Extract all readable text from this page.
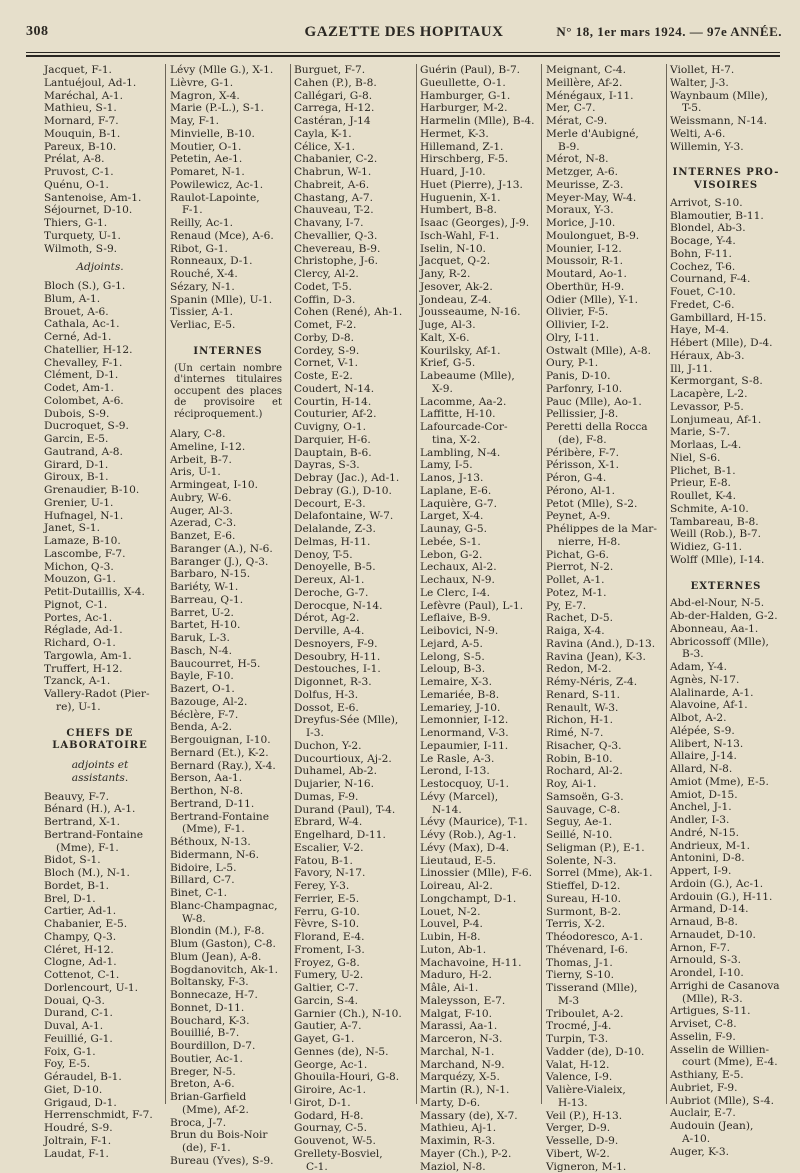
308	GAZETTE DES HOPITAUX	N° 18, 1er mars 1924. — 97e ANNÉE.
Jacquet, F-1.
Lantuéjoul, Ad-1.
Maréchal, A-1.
Mathieu, S-1.
Mornard, F-7.
Mouquin, B-1.
Pareux, B-10.
Prélat, A-8.
Pruvost, C-1.
Quénu, O-1.
Santenoise, Am-1.
Séjournet, D-10.
Thiers, G-1.
Turquety, U-1.
Wilmoth, S-9.
Adjoints.
Bloch (S.), G-1.
Blum, A-1.
Brouet, A-6.
Cathala, Ac-1.
Cerné, Ad-1.
Chatellier, H-12.
Chevalley, F-1.
Clément, D-1.
Codet, Am-1.
Colombet, A-6.
Dubois, S-9.
Ducroquet, S-9.
Garcin, E-5.
Gautrand, A-8.
Girard, D-1.
Giroux, B-1.
Grenaudier, B-10.
Grenier, U-1.
Hufnagel, N-1.
Janet, S-1.
Lamaze, B-10.
Lascombe, F-7.
Michon, Q-3.
Mouzon, G-1.
Petit-Dutaillis, X-4.
Pignot, C-1.
Portes, Ac-1.
Réglade, Ad-1.
Richard, O-1.
Targowla, Am-1.
Truffert, H-12.
Tzanck, A-1.
Vallery-Radot (Pier-
re), U-1.
CHEFS DE LABORATOIRE
adjoints et assistants.
Beauvy, F-7.
Bénard (H.), A-1.
Bertrand, X-1.
Bertrand-Fontaine
(Mme), F-1.
Bidot, S-1.
Bloch (M.), N-1.
Bordet, B-1.
Brel, D-1.
Cartier, Ad-1.
Chabanier, E-5.
Champy, Q-3.
Cléret, H-12.
Clogne, Ad-1.
Cottenot, C-1.
Dorlencourt, U-1.
Douai, Q-3.
Durand, C-1.
Duval, A-1.
Feuillié, G-1.
Foix, G-1.
Foy, E-5.
Géraudel, B-1.
Giet, D-10.
Grigaud, D-1.
Herrenschmidt, F-7.
Houdré, S-9.
Joltrain, F-1.
Laudat, F-1.
Lévy (Mlle G.), X-1.
Lièvre, G-1.
Magron, X-4.
Marie (P.-L.), S-1.
May, F-1.
Minvielle, B-10.
Moutier, O-1.
Petetin, Ae-1.
Pomaret, N-1.
Powilewicz, Ac-1.
Raulot-Lapointe,
F-1.
Reilly, Ac-1.
Renaud (Mce), A-6.
Ribot, G-1.
Ronneaux, D-1.
Rouché, X-4.
Sézary, N-1.
Spanin (Mlle), U-1.
Tissier, A-1.
Verliac, E-5.
INTERNES
(Un certain nombre d'internes titulaires occupent des places de provisoire et réciproquement.)
Alary, C-8.
Ameline, I-12.
Arbeit, B-7.
Aris, U-1.
Armingeat, I-10.
Aubry, W-6.
Auger, Al-3.
Azerad, C-3.
Banzet, E-6.
Baranger (A.), N-6.
Baranger (J.), Q-3.
Barbaro, N-15.
Bariéty, W-1.
Barreau, Q-1.
Barret, U-2.
Bartet, H-10.
Baruk, L-3.
Basch, N-4.
Baucourret, H-5.
Bayle, F-10.
Bazert, O-1.
Bazouge, Al-2.
Béclère, F-7.
Benda, A-2.
Bergouignan, I-10.
Bernard (Et.), K-2.
Bernard (Ray.), X-4.
Berson, Aa-1.
Berthon, N-8.
Bertrand, D-11.
Bertrand-Fontaine
(Mme), F-1.
Béthoux, N-13.
Bidermann, N-6.
Bidoire, L-5.
Billard, C-7.
Binet, C-1.
Blanc-Champagnac,
W-8.
Blondin (M.), F-8.
Blum (Gaston), C-8.
Blum (Jean), A-8.
Bogdanovitch, Ak-1.
Boltansky, F-3.
Bonnecaze, H-7.
Bonnet, D-11.
Bouchard, K-3.
Bouillié, B-7.
Bourdillon, D-7.
Boutier, Ac-1.
Breger, N-5.
Breton, A-6.
Brian-Garfield
(Mme), Af-2.
Broca, J-7.
Brun du Bois-Noir
(de), F-1.
Bureau (Yves), S-9.
Burguet, F-7.
Cahen (P.), B-8.
Callégari, G-8.
Carrega, H-12.
Castéran, J-14
Cayla, K-1.
Célice, X-1.
Chabanier, C-2.
Chabrun, W-1.
Chabreit, A-6.
Chastang, A-7.
Chauveau, T-2.
Chavany, I-7.
Chevallier, Q-3.
Chevereau, B-9.
Christophe, J-6.
Clercy, Al-2.
Codet, T-5.
Coffin, D-3.
Cohen (René), Ah-1.
Comet, F-2.
Corby, D-8.
Cordey, S-9.
Cornet, V-1.
Coste, E-2.
Coudert, N-14.
Courtin, H-14.
Couturier, Af-2.
Cuvigny, O-1.
Darquier, H-6.
Dauptain, B-6.
Dayras, S-3.
Debray (Jac.), Ad-1.
Debray (G.), D-10.
Decourt, E-3.
Delafontaine, W-7.
Delalande, Z-3.
Delmas, H-11.
Denoy, T-5.
Denoyelle, B-5.
Dereux, Al-1.
Deroche, G-7.
Derocque, N-14.
Dérot, Ag-2.
Derville, A-4.
Desnoyers, F-9.
Desoubry, H-11.
Destouches, I-1.
Digonnet, R-3.
Dolfus, H-3.
Dossot, E-6.
Dreyfus-Sée (Mlle),
I-3.
Duchon, Y-2.
Ducourtioux, Aj-2.
Duhamel, Ab-2.
Dujarier, N-16.
Dumas, F-9.
Durand (Paul), T-4.
Ebrard, W-4.
Engelhard, D-11.
Escalier, V-2.
Fatou, B-1.
Favory, N-17.
Ferey, Y-3.
Ferrier, E-5.
Ferru, G-10.
Fèvre, S-10.
Florand, E-4.
Froment, I-3.
Froyez, G-8.
Fumery, U-2.
Galtier, C-7.
Garcin, S-4.
Garnier (Ch.), N-10.
Gautier, A-7.
Gayet, G-1.
Gennes (de), N-5.
George, Ac-1.
Ghouila-Houri, G-8.
Giroire, Ac-1.
Girot, D-1.
Godard, H-8.
Gournay, C-5.
Gouvenot, W-5.
Grellety-Bosviel,
C-1.
Guérin (Paul), B-7.
Gueullette, O-1.
Hamburger, G-1.
Harburger, M-2.
Harmelin (Mlle), B-4.
Hermet, K-3.
Hillemand, Z-1.
Hirschberg, F-5.
Huard, J-10.
Huet (Pierre), J-13.
Huguenin, X-1.
Humbert, B-8.
Isaac (Georges), J-9.
Isch-Wahl, F-1.
Iselin, N-10.
Jacquet, Q-2.
Jany, R-2.
Jesover, Ak-2.
Jondeau, Z-4.
Jousseaume, N-16.
Juge, Al-3.
Kalt, X-6.
Kourilsky, Af-1.
Krief, G-5.
Labeaume (Mlle),
X-9.
Lacomme, Aa-2.
Laffitte, H-10.
Lafourcade-Cor-
tina, X-2.
Lambling, N-4.
Lamy, I-5.
Lanos, J-13.
Laplane, E-6.
Laquière, G-7.
Larget, X-4.
Launay, G-5.
Lebée, S-1.
Lebon, G-2.
Lechaux, Al-2.
Lechaux, N-9.
Le Clerc, I-4.
Lefèvre (Paul), L-1.
Leflaive, B-9.
Leibovici, N-9.
Lejard, A-5.
Lelong, S-5.
Leloup, B-3.
Lemaire, X-3.
Lemariée, B-8.
Lemariey, J-10.
Lemonnier, I-12.
Lenormand, V-3.
Lepaumier, I-11.
Le Rasle, A-3.
Lerond, I-13.
Lestocquoy, U-1.
Lévy (Marcel),
N-14.
Lévy (Maurice), T-1.
Lévy (Rob.), Ag-1.
Lévy (Max), D-4.
Lieutaud, E-5.
Linossier (Mlle), F-6.
Loireau, Al-2.
Longchampt, D-1.
Louet, N-2.
Louvel, P-4.
Lubin, H-8.
Luton, Ab-1.
Machavoine, H-11.
Maduro, H-2.
Mâle, Ai-1.
Maleysson, E-7.
Malgat, F-10.
Marassi, Aa-1.
Marceron, N-3.
Marchal, N-1.
Marchand, N-9.
Marquézy, X-5.
Martin (R.), N-1.
Marty, D-6.
Massary (de), X-7.
Mathieu, Aj-1.
Maximin, R-3.
Mayer (Ch.), P-2.
Maziol, N-8.
Meignant, C-4.
Meillère, Af-2.
Ménégaux, I-11.
Mer, C-7.
Mérat, C-9.
Merle d'Aubigné,
B-9.
Mérot, N-8.
Metzger, A-6.
Meurisse, Z-3.
Meyer-May, W-4.
Moraux, Y-3.
Morice, J-10.
Moulonguet, B-9.
Mounier, I-12.
Moussoir, R-1.
Moutard, Ao-1.
Oberthür, H-9.
Odier (Mlle), Y-1.
Olivier, F-5.
Ollivier, I-2.
Olry, I-11.
Ostwalt (Mlle), A-8.
Oury, P-1.
Panis, D-10.
Parfonry, I-10.
Pauc (Mlle), Ao-1.
Pellissier, J-8.
Peretti della Rocca
(de), F-8.
Péribère, F-7.
Périsson, X-1.
Péron, G-4.
Pérono, Al-1.
Petot (Mlle), S-2.
Peynet, A-9.
Phélippes de la Mar-
nierre, H-8.
Pichat, G-6.
Pierrot, N-2.
Pollet, A-1.
Potez, M-1.
Py, E-7.
Rachet, D-5.
Raiga, X-4.
Ravina (And.), D-13.
Ravina (Jean), K-3.
Redon, M-2.
Rémy-Néris, Z-4.
Renard, S-11.
Renault, W-3.
Richon, H-1.
Rimé, N-7.
Risacher, Q-3.
Robin, B-10.
Rochard, Al-2.
Roy, Ai-1.
Samsoën, G-3.
Sauvage, C-8.
Seguy, Ae-1.
Seillé, N-10.
Seligman (P.), E-1.
Solente, N-3.
Sorrel (Mme), Ak-1.
Stieffel, D-12.
Sureau, H-10.
Surmont, B-2.
Terris, X-2.
Théodoresco, A-1.
Thévenard, I-6.
Thomas, J-1.
Tierny, S-10.
Tisserand (Mlle),
M-3
Triboulet, A-2.
Trocmé, J-4.
Turpin, T-3.
Vadder (de), D-10.
Valat, H-12.
Valence, I-9.
Valière-Vialeix,
H-13.
Veil (P.), H-13.
Verger, D-9.
Vesselle, D-9.
Vibert, W-2.
Vigneron, M-1.
Viollet, H-7.
Walter, J-3.
Waynbaum (Mlle),
T-5.
Weissmann, N-14.
Welti, A-6.
Willemin, Y-3.
INTERNES PRO-VISOIRES
Arrivot, S-10.
Blamoutier, B-11.
Blondel, Ab-3.
Bocage, Y-4.
Bohn, F-11.
Cochez, T-6.
Cournand, F-4.
Fouet, C-10.
Fredet, C-6.
Gambillard, H-15.
Haye, M-4.
Hébert (Mlle), D-4.
Héraux, Ab-3.
Ill, J-11.
Kermorgant, S-8.
Lacapère, L-2.
Levassor, P-5.
Lonjumeau, Af-1.
Marie, S-7.
Morlaas, L-4.
Niel, S-6.
Plichet, B-1.
Prieur, E-8.
Roullet, K-4.
Schmite, A-10.
Tambareau, B-8.
Weill (Rob.), B-7.
Widiez, G-11.
Wolff (Mlle), I-14.
EXTERNES
Abd-el-Nour, N-5.
Ab-der-Halden, G-2.
Abonneau, Aa-1.
Abricossoff (Mlle),
B-3.
Adam, Y-4.
Agnès, N-17.
Alalinarde, A-1.
Alavoine, Af-1.
Albot, A-2.
Alépée, S-9.
Alibert, N-13.
Allaire, J-14.
Allard, N-8.
Amiot (Mme), E-5.
Amiot, D-15.
Anchel, J-1.
Andler, I-3.
André, N-15.
Andrieux, M-1.
Antonini, D-8.
Appert, I-9.
Ardoin (G.), Ac-1.
Ardouin (G.), H-11.
Armand, D-14.
Arnaud, B-8.
Arnaudet, D-10.
Arnon, F-7.
Arnould, S-3.
Arondel, I-10.
Arrighi de Casanova
(Mlle), R-3.
Artigues, S-11.
Arviset, C-8.
Asselin, F-9.
Asselin de Willien-
court (Mme), E-4.
Asthiany, E-5.
Aubriet, F-9.
Aubriot (Mlle), S-4.
Auclair, E-7.
Audouin (Jean),
A-10.
Auger, K-3.
